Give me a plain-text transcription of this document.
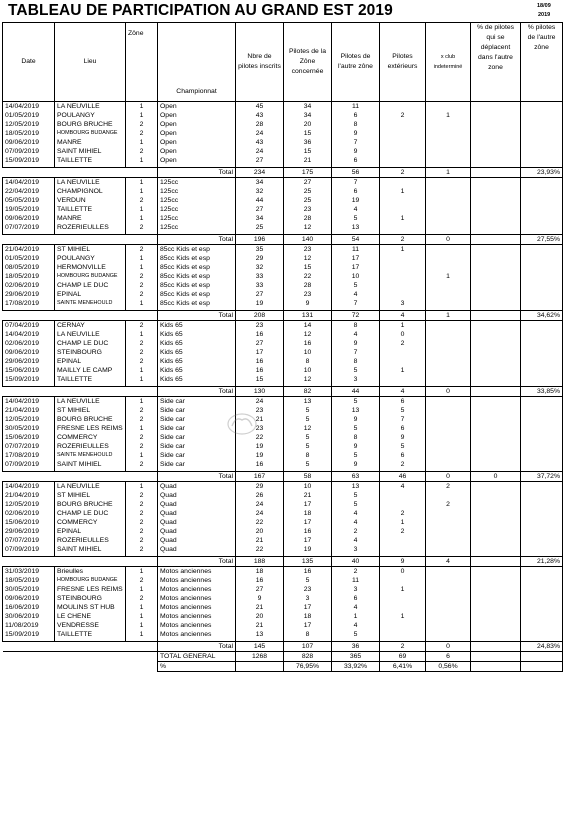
TABLEAU DE PARTICIPATION AU GRAND EST 2019	18/09
2019
Date	Lieu	Zône	Championnat	Nbre de pilotes inscrits	Pilotes de la Zône concernée	Pilotes de l'autre zône	Pilotes extérieurs	x club indeterminé	% de pilotes qui se déplacent dans l'autre zone	% pilotes de l'autre zône
14/04/2019	LA NEUVILLE	1	Open	45	34	11				
01/05/2019	POULANGY	1	Open	43	34	6	2	1		
12/05/2019	BOURG BRUCHE	2	Open	28	20	8				
18/05/2019	HOMBOURG BUDANGE	2	Open	24	15	9				
09/06/2019	MANRE	1	Open	43	36	7				
07/09/2019	SAINT MIHIEL	2	Open	24	15	9				
15/09/2019	TAILLETTE	1	Open	27	21	6				

			Total	234	175	56	2	1		23,93%
14/04/2019	LA NEUVILLE	1	125cc	34	27	7				
22/04/2019	CHAMPIGNOL	1	125cc	32	25	6	1			
05/05/2019	VERDUN	2	125cc	44	25	19				
19/05/2019	TAILLETTE	1	125cc	27	23	4				
09/06/2019	MANRE	1	125cc	34	28	5	1			
07/07/2019	ROZERIEULLES	2	125cc	25	12	13				

			Total	196	140	54	2	0		27,55%
21/04/2019	ST MIHIEL	2	85cc Kids et esp	35	23	11	1			
01/05/2019	POULANGY	1	85cc Kids et esp	29	12	17				
08/05/2019	HERMONVILLE	1	85cc Kids et esp	32	15	17				
18/05/2019	HOMBOURG BUDANGE	2	85cc Kids et esp	33	22	10		1		
02/06/2019	CHAMP LE DUC	2	85cc Kids et esp	33	28	5				
29/06/2019	EPINAL	2	85cc Kids et esp	27	23	4				
17/08/2019	SAINTE MENEHOULD	1	85cc Kids et esp	19	9	7	3			

			Total	208	131	72	4	1		34,62%
07/04/2019	CERNAY	2	Kids 65	23	14	8	1			
14/04/2019	LA NEUVILLE	1	Kids 65	16	12	4	0			
02/06/2019	CHAMP LE DUC	2	Kids 65	27	16	9	2			
09/06/2019	STEINBOURG	2	Kids 65	17	10	7				
29/06/2019	EPINAL	2	Kids 65	16	8	8				
15/06/2019	MAILLY LE CAMP	1	Kids 65	16	10	5	1			
15/09/2019	TAILLETTE	1	Kids 65	15	12	3				

			Total	130	82	44	4	0		33,85%
14/04/2019	LA NEUVILLE	1	Side car	24	13	5	6			
21/04/2019	ST MIHIEL	2	Side car	23	5	13	5			
12/05/2019	BOURG BRUCHE	2	Side car	21	5	9	7			
30/05/2019	FRESNE LES REIMS	1	Side car	23	12	5	6			
15/06/2019	COMMERCY	2	Side car	22	5	8	9			
07/07/2019	ROZERIEULLES	2	Side car	19	5	9	5			
17/08/2019	SAINTE MENEHOULD	1	Side car	19	8	5	6			
07/09/2019	SAINT MIHIEL	2	Side car	16	5	9	2			

			Total	167	58	63	46	0	0	37,72%
14/04/2019	LA NEUVILLE	1	Quad	29	10	13	4	2		
21/04/2019	ST MIHIEL	2	Quad	26	21	5				
12/05/2019	BOURG BRUCHE	2	Quad	24	17	5		2		
02/06/2019	CHAMP LE DUC	2	Quad	24	18	4	2			
15/06/2019	COMMERCY	2	Quad	22	17	4	1			
29/06/2019	EPINAL	2	Quad	20	16	2	2			
07/07/2019	ROZERIEULLES	2	Quad	21	17	4				
07/09/2019	SAINT MIHIEL	2	Quad	22	19	3				

			Total	188	135	40	9	4		21,28%
31/03/2019	Brieulles	1	Motos anciennes	18	16	2	0			
18/05/2019	HOMBOURG BUDANGE	2	Motos anciennes	16	5	11				
30/05/2019	FRESNE LES REIMS	1	Motos anciennes	27	23	3	1			
09/06/2019	STEINBOURG	2	Motos anciennes	9	3	6				
16/06/2019	MOULINS ST HUB	1	Motos anciennes	21	17	4				
30/06/2019	LE CHENE	1	Motos anciennes	20	18	1	1			
11/08/2019	VENDRESSE	1	Motos anciennes	21	17	4				
15/09/2019	TAILLETTE	1	Motos anciennes	13	8	5				

			Total	145	107	36	2	0		24,83%
			TOTAL GENERAL	1268	828	365	69	6		
			%		76,95%	33,92%	6,41%	0,56%		
